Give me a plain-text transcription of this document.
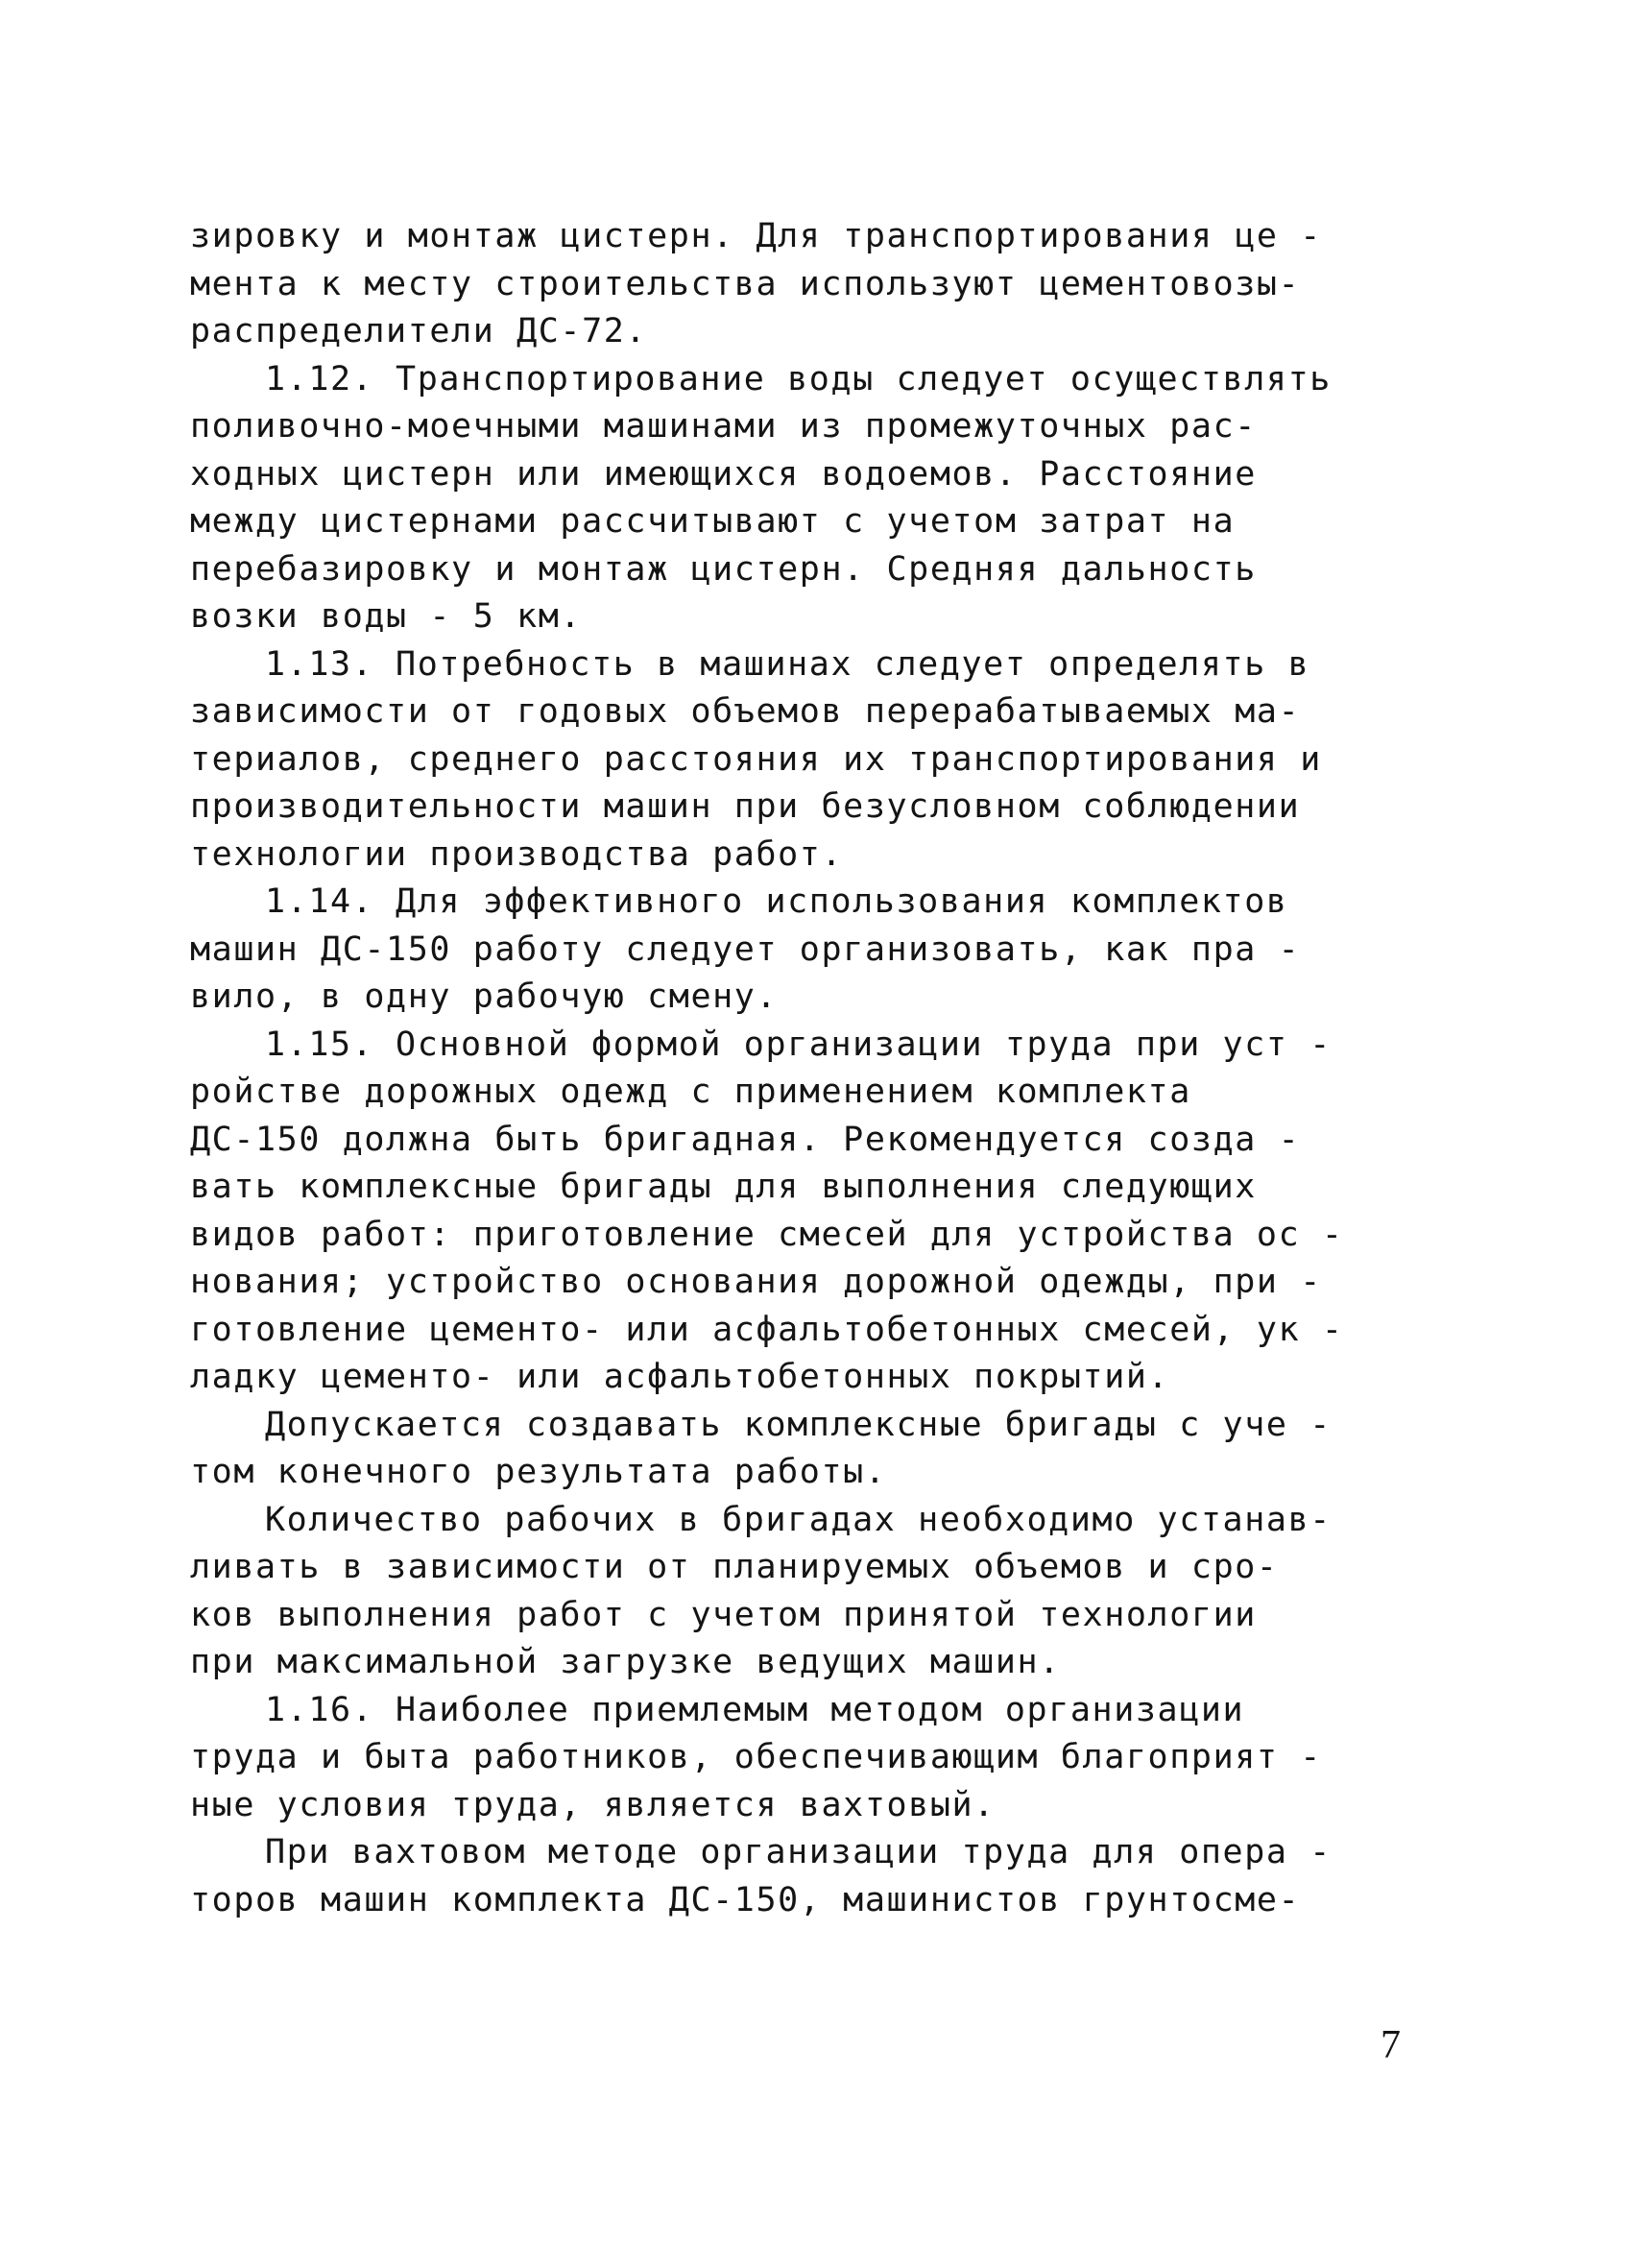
зировку и монтаж цистерн. Для транспортирования це -
мента к месту строительства используют цементовозы-
распределители ДС-72.
1.12. Транспортирование воды следует осуществлять
поливочно-моечными машинами из промежуточных рас-
ходных цистерн или имеющихся водоемов. Расстояние
между цистернами рассчитывают с учетом затрат на
перебазировку и монтаж цистерн. Средняя дальность
возки воды - 5 км.
1.13. Потребность в машинах следует определять в
зависимости от годовых объемов перерабатываемых ма-
териалов, среднего расстояния их транспортирования и
производительности машин при безусловном соблюдении
технологии производства работ.
1.14. Для эффективного использования комплектов
машин ДС-150 работу следует организовать, как пра -
вило, в одну рабочую смену.
1.15. Основной формой организации труда при уст -
ройстве дорожных одежд с применением комплекта
ДС-150 должна быть бригадная. Рекомендуется созда -
вать комплексные бригады для выполнения следующих
видов работ: приготовление смесей для устройства ос -
нования; устройство основания дорожной одежды, при -
готовление цементо- или асфальтобетонных смесей, ук -
ладку цементо- или асфальтобетонных покрытий.
Допускается создавать комплексные бригады с уче -
том конечного результата работы.
Количество рабочих в бригадах необходимо устанав-
ливать в зависимости от планируемых объемов и сро-
ков выполнения работ с учетом принятой технологии
при максимальной загрузке ведущих машин.
1.16. Наиболее приемлемым методом организации
труда и быта работников, обеспечивающим благоприят -
ные условия труда, является вахтовый.
При вахтовом методе организации труда для опера -
торов машин комплекта ДС-150, машинистов грунтосме-
7
